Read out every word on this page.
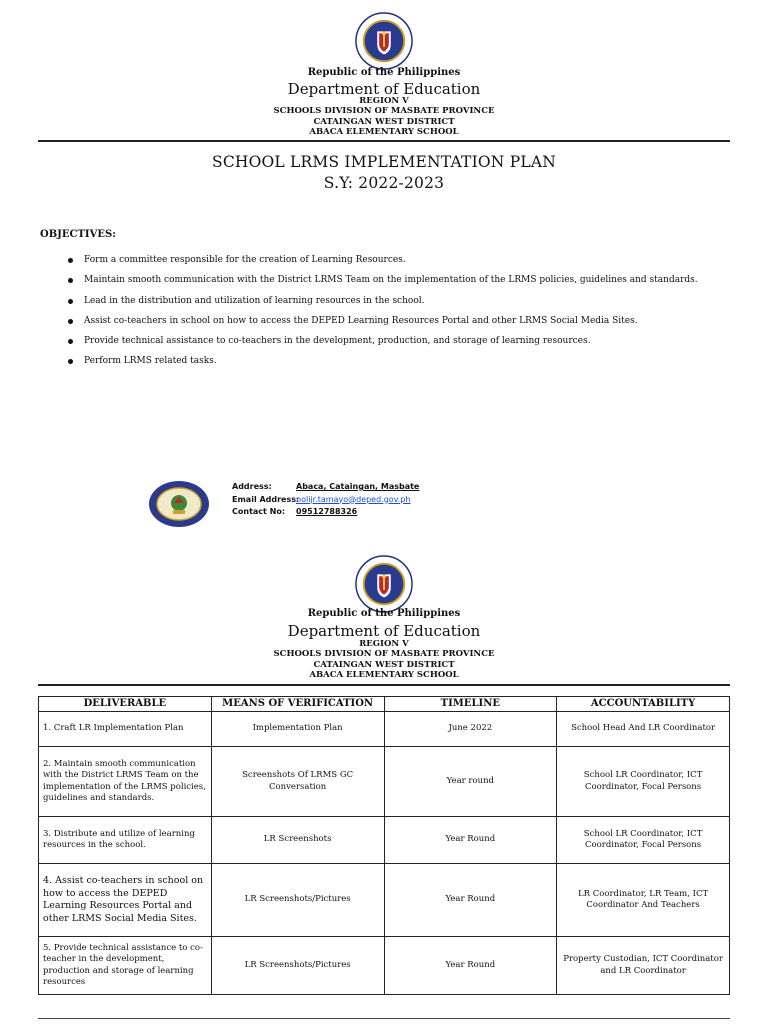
Republic of the Philippines
Department of Education
REGION V
SCHOOLS DIVISION OF MASBATE PROVINCE
CATAINGAN WEST DISTRICT
ABACA ELEMENTARY SCHOOL
SCHOOL LRMS IMPLEMENTATION PLAN
S.Y: 2022-2023
OBJECTIVES:
Form a committee responsible for the creation of Learning Resources.
Maintain smooth communication with the District LRMS Team on the implementation of the LRMS policies, guidelines and standards.
Lead in the distribution and utilization of learning resources in the school.
Assist co-teachers in school on how to access the DEPED Learning Resources Portal and other LRMS Social Media Sites.
Provide technical assistance to co-teachers in the development, production, and storage of learning resources.
Perform LRMS related tasks.
Address:	Abaca, Cataingan, Masbate
Email Address:nolijr.tamayo@deped.gov.ph
Contact No: 09512788326
Republic of the Philippines
Department of Education
REGION V
SCHOOLS DIVISION OF MASBATE PROVINCE
CATAINGAN WEST DISTRICT
ABACA ELEMENTARY SCHOOL
DELIVERABLE	MEANS OF VERIFICATION	TIMELINE	ACCOUNTABILITY
1. Craft LR Implementation Plan	Implementation Plan	June 2022	School Head And LR Coordinator
2. Maintain smooth communication with the District LRMS Team on the implementation of the LRMS policies, guidelines and standards.	Screenshots Of LRMS GC Conversation	Year round	School LR Coordinator, ICT Coordinator, Focal Persons
3. Distribute and utilize of learning resources in the school.	LR Screenshots	Year Round	School LR Coordinator, ICT Coordinator, Focal Persons
4. Assist co-teachers in school on how to access the DEPED Learning Resources Portal and other LRMS Social Media Sites.	LR Screenshots/Pictures	Year Round	LR Coordinator, LR Team, ICT Coordinator And Teachers
5. Provide technical assistance to co-teacher in the development, production and storage of learning resources	LR Screenshots/Pictures	Year Round	Property Custodian, ICT Coordinator and LR Coordinator
